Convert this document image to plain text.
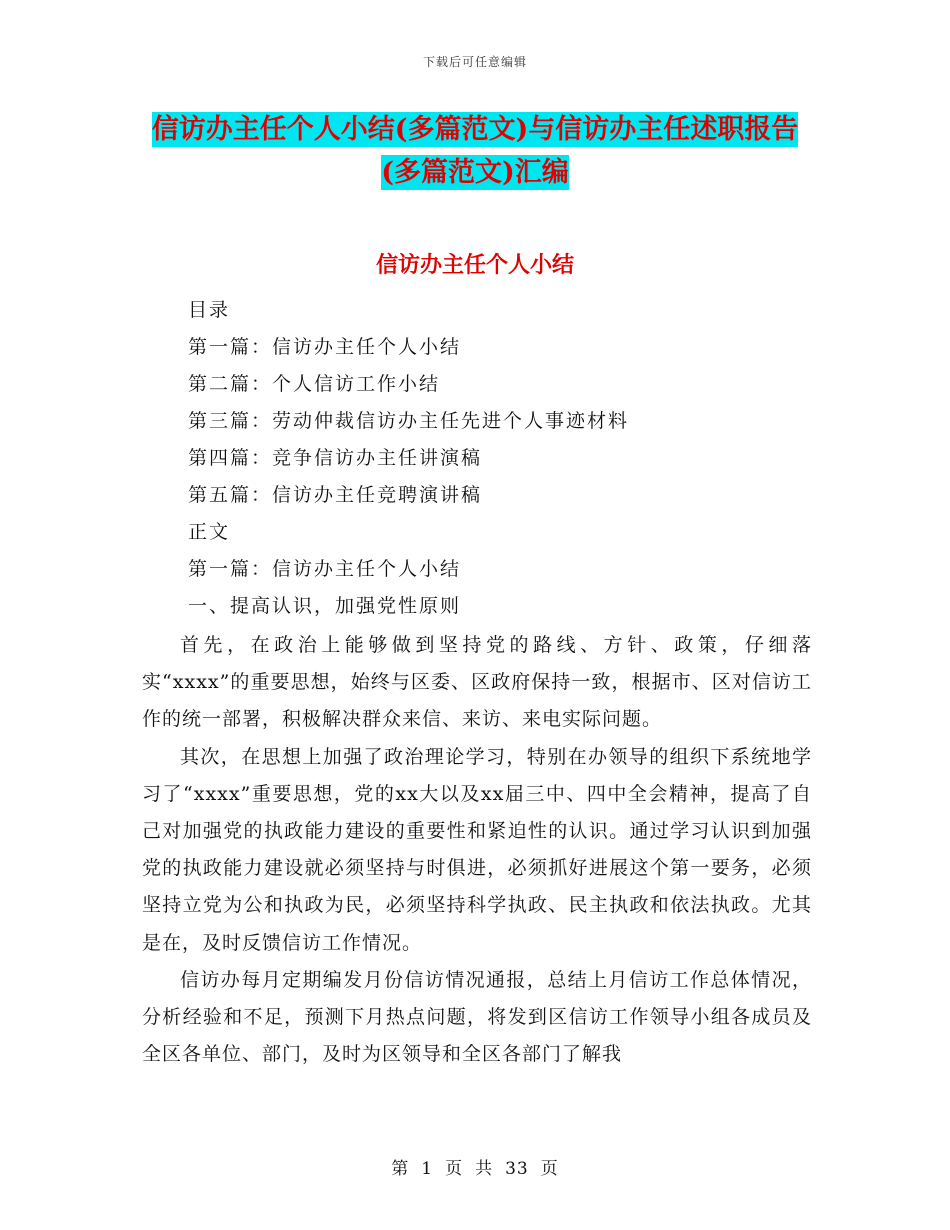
下载后可任意编辑
信访办主任个人小结(多篇范文)与信访办主任述职报告(多篇范文)汇编
信访办主任个人小结
目录
第一篇：信访办主任个人小结
第二篇：个人信访工作小结
第三篇：劳动仲裁信访办主任先进个人事迹材料
第四篇：竞争信访办主任讲演稿
第五篇：信访办主任竞聘演讲稿
正文
第一篇：信访办主任个人小结
一、提高认识，加强党性原则

首先，在政治上能够做到坚持党的路线、方针、政策，仔细落实“xxxx”的重要思想，始终与区委、区政府保持一致，根据市、区对信访工作的统一部署，积极解决群众来信、来访、来电实际问题。

其次，在思想上加强了政治理论学习，特别在办领导的组织下系统地学习了“xxxx”重要思想，党的xx大以及xx届三中、四中全会精神，提高了自己对加强党的执政能力建设的重要性和紧迫性的认识。通过学习认识到加强党的执政能力建设就必须坚持与时俱进，必须抓好进展这个第一要务，必须坚持立党为公和执政为民，必须坚持科学执政、民主执政和依法执政。尤其是在，及时反馈信访工作情况。

信访办每月定期编发月份信访情况通报，总结上月信访工作总体情况，分析经验和不足，预测下月热点问题，将发到区信访工作领导小组各成员及全区各单位、部门，及时为区领导和全区各部门了解我

第 1 页 共 33 页
